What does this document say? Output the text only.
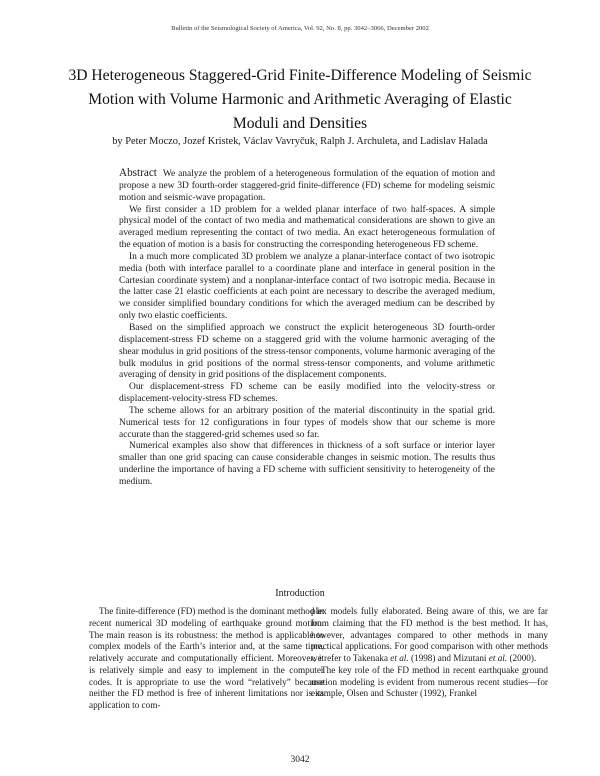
Bulletin of the Seismological Society of America, Vol. 92, No. 8, pp. 3042–3066, December 2002
3D Heterogeneous Staggered-Grid Finite-Difference Modeling of Seismic
Motion with Volume Harmonic and Arithmetic Averaging of Elastic
Moduli and Densities
by Peter Moczo, Jozef Kristek, Václav Vavryčuk, Ralph J. Archuleta, and Ladislav Halada

Abstract We analyze the problem of a heterogeneous formulation of the equation of motion and propose a new 3D fourth-order staggered-grid finite-difference (FD) scheme for modeling seismic motion and seismic-wave propagation.

We first consider a 1D problem for a welded planar interface of two half-spaces. A simple physical model of the contact of two media and mathematical considerations are shown to give an averaged medium representing the contact of two media. An exact heterogeneous formulation of the equation of motion is a basis for constructing the corresponding heterogeneous FD scheme.

In a much more complicated 3D problem we analyze a planar-interface contact of two isotropic media (both with interface parallel to a coordinate plane and interface in general position in the Cartesian coordinate system) and a nonplanar-interface contact of two isotropic media. Because in the latter case 21 elastic coefficients at each point are necessary to describe the averaged medium, we consider simplified boundary conditions for which the averaged medium can be described by only two elastic coefficients.

Based on the simplified approach we construct the explicit heterogeneous 3D fourth-order displacement-stress FD scheme on a staggered grid with the volume harmonic averaging of the shear modulus in grid positions of the stress-tensor components, volume harmonic averaging of the bulk modulus in grid positions of the normal stress-tensor components, and volume arithmetic averaging of density in grid positions of the displacement components.

Our displacement-stress FD scheme can be easily modified into the velocity-stress or displacement-velocity-stress FD schemes.

The scheme allows for an arbitrary position of the material discontinuity in the spatial grid. Numerical tests for 12 configurations in four types of models show that our scheme is more accurate than the staggered-grid schemes used so far.

Numerical examples also show that differences in thickness of a soft surface or interior layer smaller than one grid spacing can cause considerable changes in seismic motion. The results thus underline the importance of having a FD scheme with sufficient sensitivity to heterogeneity of the medium.

Introduction

The finite-difference (FD) method is the dominant method in recent numerical 3D modeling of earthquake ground motion. The main reason is its robustness: the method is applicable to complex models of the Earth’s interior and, at the same time, relatively accurate and computationally efficient. Moreover, it is relatively simple and easy to implement in the computer codes. It is appropriate to use the word “relatively” because neither the FD method is free of inherent limitations nor is its application to com-

plex models fully elaborated. Being aware of this, we are far from claiming that the FD method is the best method. It has, however, advantages compared to other methods in many practical applications. For good comparison with other methods we refer to Takenaka et al. (1998) and Mizutani et al. (2000).

The key role of the FD method in recent earthquake ground motion modeling is evident from numerous recent studies—for example, Olsen and Schuster (1992), Frankel

3042
